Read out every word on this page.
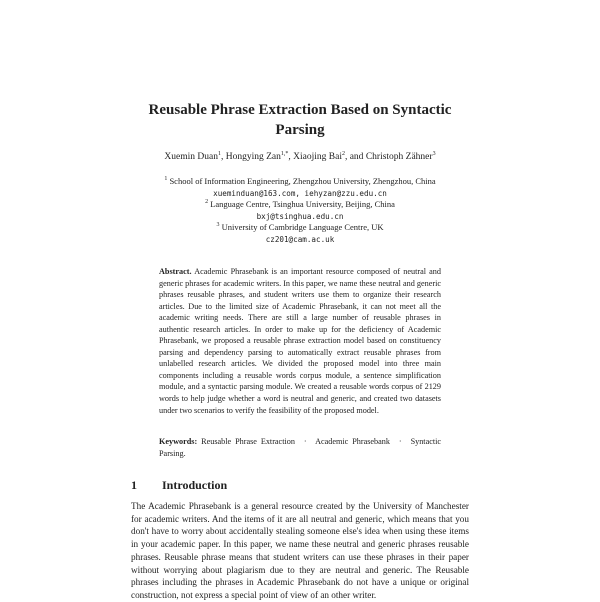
Reusable Phrase Extraction Based on Syntactic
Parsing
Xuemin Duan$^1$, Hongying Zan$^{1,*}$, Xiaojing Bai$^2$, and Christoph Zähner$^3$
$^1$ School of Information Engineering, Zhengzhou University, Zhengzhou, China
xueminduan@163.com, iehyzan@zzu.edu.cn
$^2$ Language Centre, Tsinghua University, Beijing, China
bxj@tsinghua.edu.cn
$^3$ University of Cambridge Language Centre, UK
cz201@cam.ac.uk
Abstract. Academic Phrasebank is an important resource composed of neutral and generic phrases for academic writers. In this paper, we name these neutral and generic phrases reusable phrases, and student writers use them to organize their research articles. Due to the limited size of Academic Phrasebank, it can not meet all the academic writing needs. There are still a large number of reusable phrases in authentic research articles. In order to make up for the deficiency of Academic Phrasebank, we proposed a reusable phrase extraction model based on constituency parsing and dependency parsing to automatically extract reusable phrases from unlabelled research articles. We divided the proposed model into three main components including a reusable words corpus module, a sentence simplification module, and a syntactic parsing module. We created a reusable words corpus of 2129 words to help judge whether a word is neutral and generic, and created two datasets under two scenarios to verify the feasibility of the proposed model.
Keywords: Reusable Phrase Extraction · Academic Phrasebank · Syntactic Parsing.
1 Introduction
The Academic Phrasebank is a general resource created by the University of Manchester for academic writers. And the items of it are all neutral and generic, which means that you don't have to worry about accidentally stealing someone else's idea when using these items in your academic paper. In this paper, we name these neutral and generic phrases reusable phrases. Reusable phrase means that student writers can use these phrases in their paper without worrying about plagiarism due to they are neutral and generic. The Reusable phrases including the phrases in Academic Phrasebank do not have a unique or original construction, not express a special point of view of an other writer.
